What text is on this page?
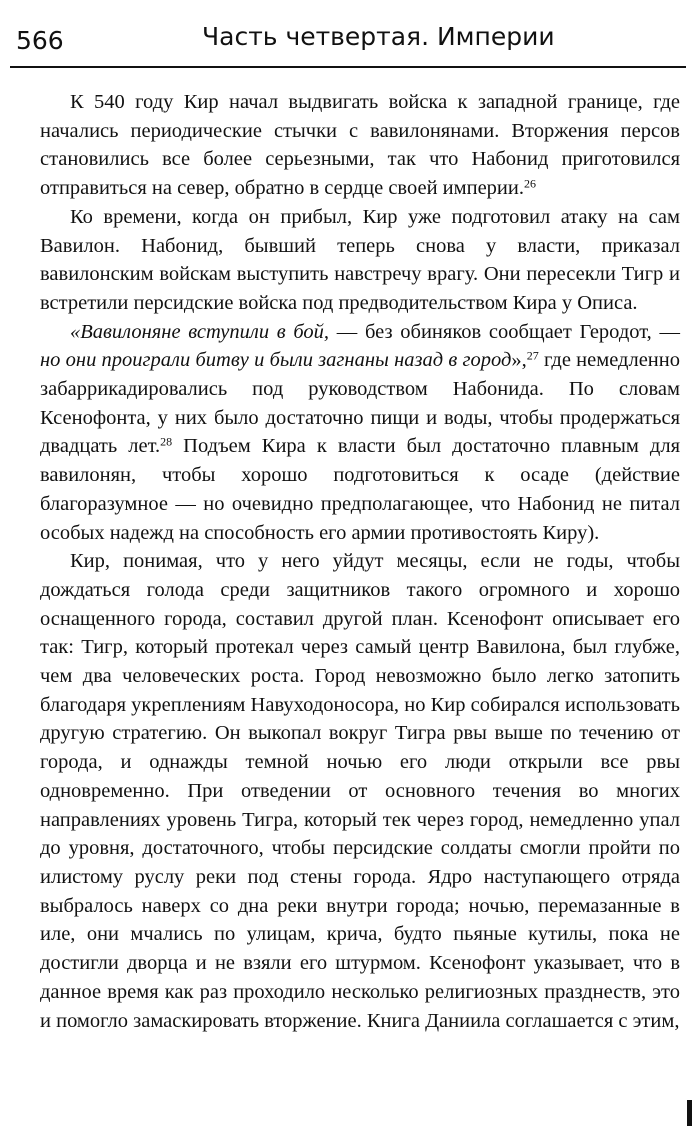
566	Часть четвертая. Империи

К 540 году Кир начал выдвигать войска к западной границе, где начались периодические стычки с вавилонянами. Вторжения персов становились все более серьезными, так что Набонид приготовился отправиться на север, обратно в сердце своей империи.$^{26}$

Ко времени, когда он прибыл, Кир уже подготовил атаку на сам Вавилон. Набонид, бывший теперь снова у власти, приказал вавилонским войскам выступить навстречу врагу. Они пересекли Тигр и встретили персидские войска под предводительством Кира у Описа.

«Вавилоняне вступили в бой, — без обиняков сообщает Геродот, — но они проиграли битву и были загнаны назад в город»,$^{27}$ где немедленно забаррикадировались под руководством Набонида. По словам Ксенофонта, у них было достаточно пищи и воды, чтобы продержаться двадцать лет.$^{28}$ Подъем Кира к власти был достаточно плавным для вавилонян, чтобы хорошо подготовиться к осаде (действие благоразумное — но очевидно предполагающее, что Набонид не питал особых надежд на способность его армии противостоять Киру).

Кир, понимая, что у него уйдут месяцы, если не годы, чтобы дождаться голода среди защитников такого огромного и хорошо оснащенного города, составил другой план. Ксенофонт описывает его так: Тигр, который протекал через самый центр Вавилона, был глубже, чем два человеческих роста. Город невозможно было легко затопить благодаря укреплениям Навуходоносора, но Кир собирался использовать другую стратегию. Он выкопал вокруг Тигра рвы выше по течению от города, и однажды темной ночью его люди открыли все рвы одновременно. При отведении от основного течения во многих направлениях уровень Тигра, который тек через город, немедленно упал до уровня, достаточного, чтобы персидские солдаты смогли пройти по илистому руслу реки под стены города. Ядро наступающего отряда выбралось наверх со дна реки внутри города; ночью, перемазанные в иле, они мчались по улицам, крича, будто пьяные кутилы, пока не достигли дворца и не взяли его штурмом. Ксенофонт указывает, что в данное время как раз проходило несколько религиозных празднеств, это и помогло замаскировать вторжение. Книга Даниила соглашается с этим,
